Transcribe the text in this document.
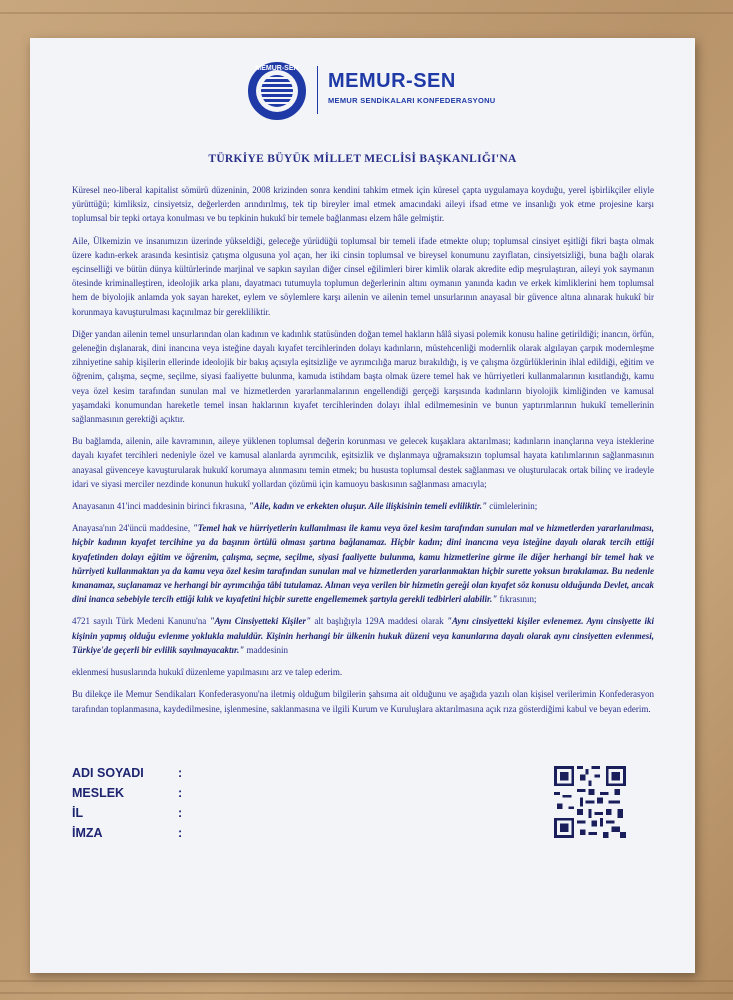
MEMUR-SEN
MEMUR-SEN
MEMUR SENDİKALARI KONFEDERASYONU
TÜRKİYE BÜYÜK MİLLET MECLİSİ BAŞKANLIĞI'NA

Küresel neo-liberal kapitalist sömürü düzeninin, 2008 krizinden sonra kendini tahkim etmek için küresel çapta uygulamaya koyduğu, yerel işbirlikçiler eliyle yürüttüğü; kimliksiz, cinsiyetsiz, değerlerden arındırılmış, tek tip bireyler imal etmek amacındaki aileyi ifsad etme ve insanlığı yok etme projesine karşı toplumsal bir tepki ortaya konulması ve bu tepkinin hukukî bir temele bağlanması elzem hâle gelmiştir.

Aile, Ülkemizin ve insanımızın üzerinde yükseldiği, geleceğe yürüdüğü toplumsal bir temeli ifade etmekte olup; toplumsal cinsiyet eşitliği fikri başta olmak üzere kadın-erkek arasında kesintisiz çatışma olgusuna yol açan, her iki cinsin toplumsal ve bireysel konumunu zayıflatan, cinsiyetsizliği, buna bağlı olarak eşcinselliği ve bütün dünya kültürlerinde marjinal ve sapkın sayılan diğer cinsel eğilimleri birer kimlik olarak akredite edip meşrulaştıran, aileyi yok saymanın ötesinde kriminalleştiren, ideolojik arka planı, dayatmacı tutumuyla toplumun değerlerinin altını oymanın yanında kadın ve erkek kimliklerini hem toplumsal hem de biyolojik anlamda yok sayan hareket, eylem ve söylemlere karşı ailenin ve ailenin temel unsurlarının anayasal bir güvence altına alınarak hukukî bir korunmaya kavuşturulması kaçınılmaz bir gerekliliktir.

Diğer yandan ailenin temel unsurlarından olan kadının ve kadınlık statüsünden doğan temel hakların hâlâ siyasi polemik konusu haline getirildiği; inancın, örfün, geleneğin dışlanarak, dini inancına veya isteğine dayalı kıyafet tercihlerinden dolayı kadınların, müstehcenliği modernlik olarak algılayan çarpık modernleşme zihniyetine sahip kişilerin ellerinde ideolojik bir bakış açısıyla eşitsizliğe ve ayrımcılığa maruz bırakıldığı, iş ve çalışma özgürlüklerinin ihlal edildiği, eğitim ve öğrenim, çalışma, seçme, seçilme, siyasi faaliyette bulunma, kamuda istihdam başta olmak üzere temel hak ve hürriyetleri kullanmalarının kısıtlandığı, kamu veya özel kesim tarafından sunulan mal ve hizmetlerden yararlanmalarının engellendiği gerçeği karşısında kadınların biyolojik kimliğinden ve kamusal yaşamdaki konumundan hareketle temel insan haklarının kıyafet tercihlerinden dolayı ihlal edilmemesinin ve bunun yaptırımlarının hukukî temellerinin sağlanmasının gerektiği açıktır.

Bu bağlamda, ailenin, aile kavramının, aileye yüklenen toplumsal değerin korunması ve gelecek kuşaklara aktarılması; kadınların inançlarına veya isteklerine dayalı kıyafet tercihleri nedeniyle özel ve kamusal alanlarda ayrımcılık, eşitsizlik ve dışlanmaya uğramaksızın toplumsal hayata katılımlarının sağlanmasının anayasal güvenceye kavuşturularak hukukî korumaya alınmasını temin etmek; bu hususta toplumsal destek sağlanması ve oluşturulacak ortak bilinç ve iradeyle idari ve siyasi merciler nezdinde konunun hukukî yollardan çözümü için kamuoyu baskısının sağlanması amacıyla;

Anayasanın 41'inci maddesinin birinci fıkrasına, "Aile, kadın ve erkekten oluşur. Aile ilişkisinin temeli evliliktir." cümlelerinin;

Anayasa'nın 24'üncü maddesine, "Temel hak ve hürriyetlerin kullanılması ile kamu veya özel kesim tarafından sunulan mal ve hizmetlerden yararlanılması, hiçbir kadının kıyafet tercihine ya da başının örtülü olması şartına bağlanamaz. Hiçbir kadın; dini inancına veya isteğine dayalı olarak tercih ettiği kıyafetinden dolayı eğitim ve öğrenim, çalışma, seçme, seçilme, siyasi faaliyette bulunma, kamu hizmetlerine girme ile diğer herhangi bir temel hak ve hürriyeti kullanmaktan ya da kamu veya özel kesim tarafından sunulan mal ve hizmetlerden yararlanmaktan hiçbir surette yoksun bırakılamaz. Bu nedenle kınanamaz, suçlanamaz ve herhangi bir ayrımcılığa tâbi tutulamaz. Alınan veya verilen bir hizmetin gereği olan kıyafet söz konusu olduğunda Devlet, ancak dini inanca sebebiyle tercih ettiği kılık ve kıyafetini hiçbir surette engellememek şartıyla gerekli tedbirleri alabilir." fıkrasının;

4721 sayılı Türk Medeni Kanunu'na "Aynı Cinsiyetteki Kişiler" alt başlığıyla 129A maddesi olarak "Aynı cinsiyetteki kişiler evlenemez. Aynı cinsiyette iki kişinin yapmış olduğu evlenme yoklukla maluldür. Kişinin herhangi bir ülkenin hukuk düzeni veya kanunlarına dayalı olarak aynı cinsiyetten evlenmesi, Türkiye'de geçerli bir evlilik sayılmayacaktır." maddesinin

eklenmesi hususlarında hukukî düzenleme yapılmasını arz ve talep ederim.

Bu dilekçe ile Memur Sendikaları Konfederasyonu'na iletmiş olduğum bilgilerin şahsıma ait olduğunu ve aşağıda yazılı olan kişisel verilerimin Konfederasyon tarafından toplanmasına, kaydedilmesine, işlenmesine, saklanmasına ve ilgili Kurum ve Kuruluşlara aktarılmasına açık rıza gösterdiğimi kabul ve beyan ederim.

ADI SOYADI	:
MESLEK	:
İL	:
İMZA	:
